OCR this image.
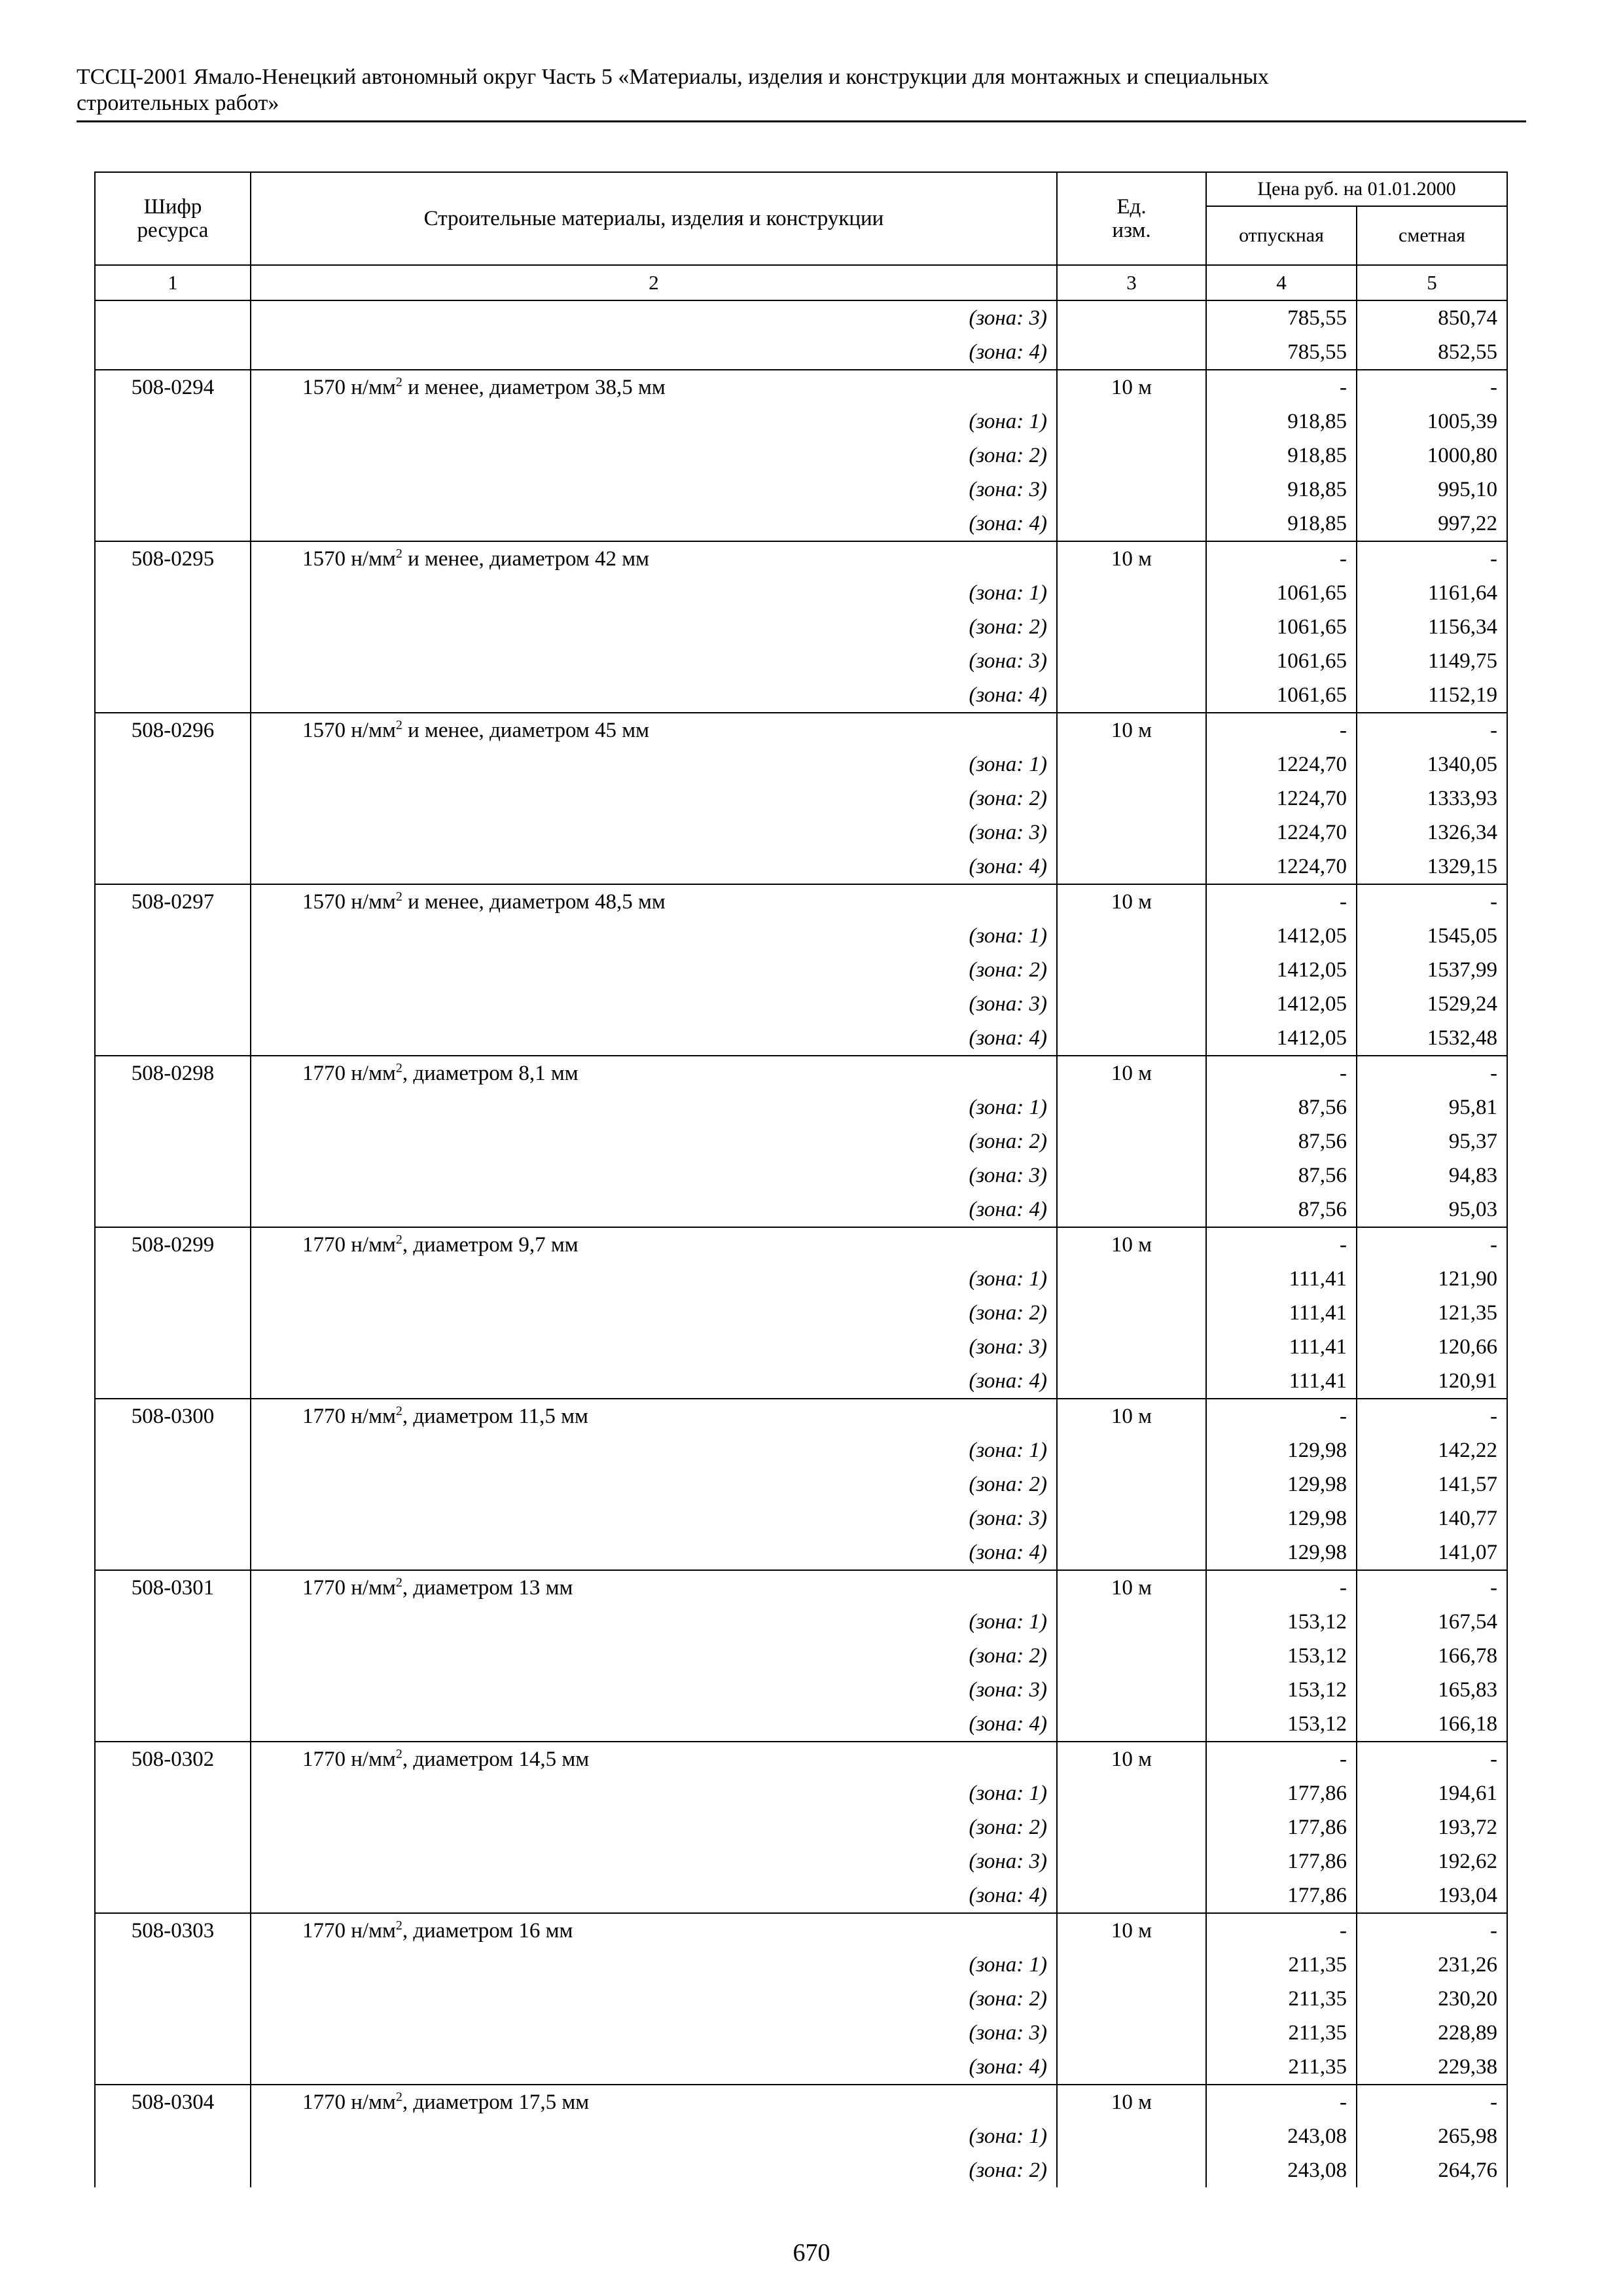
ТССЦ-2001 Ямало-Ненецкий автономный округ Часть 5 «Материалы, изделия и конструкции для монтажных и специальных
строительных работ»
Шифр ресурса	Строительные материалы, изделия и конструкции	Ед. изм.	Цена руб. на 01.01.2000	
			отпускная	сметная
1	2	3	4	5
	(зона: 3)		785,55	850,74
	(зона: 4)		785,55	852,55
508-0294	1570 $н/мм^2$ и менее, диаметром 38,5 мм	10 м	-	-
	(зона: 1)		918,85	1005,39
	(зона: 2)		918,85	1000,80
	(зона: 3)		918,85	995,10
	(зона: 4)		918,85	997,22
508-0295	1570 $н/мм^2$ и менее, диаметром 42 мм	10 м	-	-
	(зона: 1)		1061,65	1161,64
	(зона: 2)		1061,65	1156,34
	(зона: 3)		1061,65	1149,75
	(зона: 4)		1061,65	1152,19
508-0296	1570 $н/мм^2$ и менее, диаметром 45 мм	10 м	-	-
	(зона: 1)		1224,70	1340,05
	(зона: 2)		1224,70	1333,93
	(зона: 3)		1224,70	1326,34
	(зона: 4)		1224,70	1329,15
508-0297	1570 $н/мм^2$ и менее, диаметром 48,5 мм	10 м	-	-
	(зона: 1)		1412,05	1545,05
	(зона: 2)		1412,05	1537,99
	(зона: 3)		1412,05	1529,24
	(зона: 4)		1412,05	1532,48
508-0298	1770 $н/мм^2$, диаметром 8,1 мм	10 м	-	-
	(зона: 1)		87,56	95,81
	(зона: 2)		87,56	95,37
	(зона: 3)		87,56	94,83
	(зона: 4)		87,56	95,03
508-0299	1770 $н/мм^2$, диаметром 9,7 мм	10 м	-	-
	(зона: 1)		111,41	121,90
	(зона: 2)		111,41	121,35
	(зона: 3)		111,41	120,66
	(зона: 4)		111,41	120,91
508-0300	1770 $н/мм^2$, диаметром 11,5 мм	10 м	-	-
	(зона: 1)		129,98	142,22
	(зона: 2)		129,98	141,57
	(зона: 3)		129,98	140,77
	(зона: 4)		129,98	141,07
508-0301	1770 $н/мм^2$, диаметром 13 мм	10 м	-	-
	(зона: 1)		153,12	167,54
	(зона: 2)		153,12	166,78
	(зона: 3)		153,12	165,83
	(зона: 4)		153,12	166,18
508-0302	1770 $н/мм^2$, диаметром 14,5 мм	10 м	-	-
	(зона: 1)		177,86	194,61
	(зона: 2)		177,86	193,72
	(зона: 3)		177,86	192,62
	(зона: 4)		177,86	193,04
508-0303	1770 $н/мм^2$, диаметром 16 мм	10 м	-	-
	(зона: 1)		211,35	231,26
	(зона: 2)		211,35	230,20
	(зона: 3)		211,35	228,89
	(зона: 4)		211,35	229,38
508-0304	1770 $н/мм^2$, диаметром 17,5 мм	10 м	-	-
	(зона: 1)		243,08	265,98
	(зона: 2)		243,08	264,76
670
